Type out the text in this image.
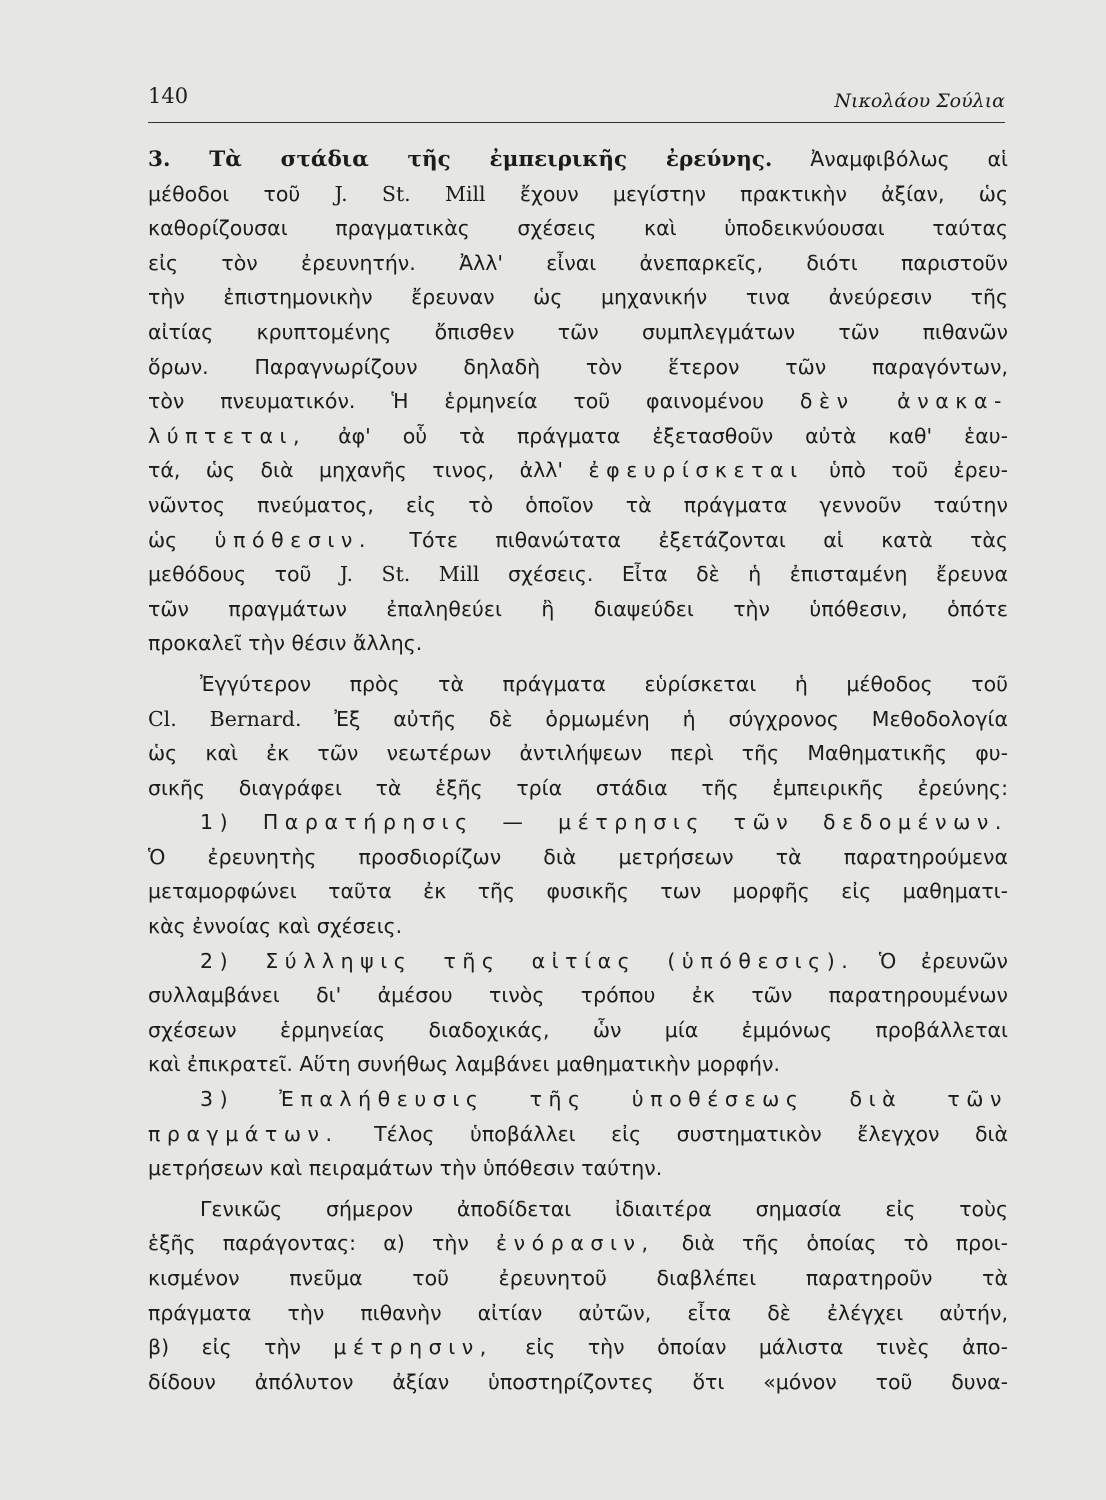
140	Νικολάου Σούλια
3. Τὰ στάδια τῆς ἐμπειρικῆς ἐρεύνης. Ἀναμφιβόλως αἱ
μέθοδοι τοῦ J. St. Mill ἔχουν μεγίστην πρακτικὴν ἀξίαν, ὡς
καθορίζουσαι πραγματικὰς σχέσεις καὶ ὑποδεικνύουσαι ταύτας
εἰς τὸν ἐρευνητήν. Ἀλλ' εἶναι ἀνεπαρκεῖς, διότι παριστοῦν
τὴν ἐπιστημονικὴν ἔρευναν ὡς μηχανικήν τινα ἀνεύρεσιν τῆς
αἰτίας κρυπτομένης ὄπισθεν τῶν συμπλεγμάτων τῶν πιθανῶν
ὅρων. Παραγνωρίζουν δηλαδὴ τὸν ἕτερον τῶν παραγόντων,
τὸν πνευματικόν. Ἡ ἑρμηνεία τοῦ φαινομένου δὲν ἀνακα-
λύπτεται, ἀφ' οὗ τὰ πράγματα ἐξετασθοῦν αὐτὰ καθ' ἑαυ-
τά, ὡς διὰ μηχανῆς τινος, ἀλλ' ἐφευρίσκεται ὑπὸ τοῦ ἐρευ-
νῶντος πνεύματος, εἰς τὸ ὁποῖον τὰ πράγματα γεννοῦν ταύτην
ὡς ὑπόθεσιν. Τότε πιθανώτατα ἐξετάζονται αἱ κατὰ τὰς
μεθόδους τοῦ J. St. Mill σχέσεις. Εἶτα δὲ ἡ ἐπισταμένη ἔρευνα
τῶν πραγμάτων ἐπαληθεύει ἢ διαψεύδει τὴν ὑπόθεσιν, ὁπότε
προκαλεῖ τὴν θέσιν ἄλλης.
Ἐγγύτερον πρὸς τὰ πράγματα εὑρίσκεται ἡ μέθοδος τοῦ
Cl. Bernard. Ἐξ αὐτῆς δὲ ὁρμωμένη ἡ σύγχρονος Μεθοδολογία
ὡς καὶ ἐκ τῶν νεωτέρων ἀντιλήψεων περὶ τῆς Μαθηματικῆς φυ-
σικῆς διαγράφει τὰ ἑξῆς τρία στάδια τῆς ἐμπειρικῆς ἐρεύνης:
1) Παρατήρησις — μέτρησις τῶν δεδομένων.
Ὁ ἐρευνητὴς προσδιορίζων διὰ μετρήσεων τὰ παρατηρούμενα
μεταμορφώνει ταῦτα ἐκ τῆς φυσικῆς των μορφῆς εἰς μαθηματι-
κὰς ἐννοίας καὶ σχέσεις.
2) Σύλληψις τῆς αἰτίας (ὑπόθεσις). Ὁ ἐρευνῶν
συλλαμβάνει δι' ἀμέσου τινὸς τρόπου ἐκ τῶν παρατηρουμένων
σχέσεων ἑρμηνείας διαδοχικάς, ὧν μία ἐμμόνως προβάλλεται
καὶ ἐπικρατεῖ. Αὕτη συνήθως λαμβάνει μαθηματικὴν μορφήν.
3) Ἐπαλήθευσις τῆς ὑποθέσεως διὰ τῶν
πραγμάτων. Τέλος ὑποβάλλει εἰς συστηματικὸν ἔλεγχον διὰ
μετρήσεων καὶ πειραμάτων τὴν ὑπόθεσιν ταύτην.
Γενικῶς σήμερον ἀποδίδεται ἰδιαιτέρα σημασία εἰς τοὺς
ἑξῆς παράγοντας: α) τὴν ἐνόρασιν, διὰ τῆς ὁποίας τὸ προι-
κισμένον πνεῦμα τοῦ ἐρευνητοῦ διαβλέπει παρατηροῦν τὰ
πράγματα τὴν πιθανὴν αἰτίαν αὐτῶν, εἶτα δὲ ἐλέγχει αὐτήν,
β) εἰς τὴν μέτρησιν, εἰς τὴν ὁποίαν μάλιστα τινὲς ἀπο-
δίδουν ἀπόλυτον ἀξίαν ὑποστηρίζοντες ὅτι «μόνον τοῦ δυνα-
